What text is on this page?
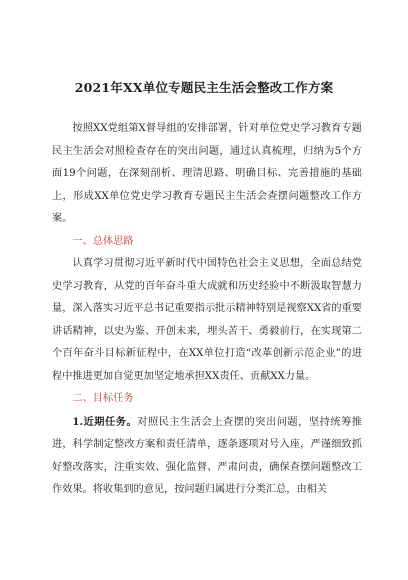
2021年XX单位专题民主生活会整改工作方案

按照XX党组第X督导组的安排部署，针对单位党史学习教育专题民主生活会对照检查存在的突出问题，通过认真梳理，归纳为5个方面19个问题，在深刻剖析、理清思路、明确目标、完善措施的基础上，形成XX单位党史学习教育专题民主生活会查摆问题整改工作方案。

一、总体思路

认真学习贯彻习近平新时代中国特色社会主义思想，全面总结党史学习教育，从党的百年奋斗重大成就和历史经验中不断汲取智慧力量，深入落实习近平总书记重要指示批示精神特别是视察XX省的重要讲话精神，以史为鉴、开创未来，埋头苦干、勇毅前行，在实现第二个百年奋斗目标新征程中，在XX单位打造“改革创新示范企业”的进程中推进更加自觉更加坚定地承担XX责任、贡献XX力量。

二、目标任务

1.近期任务。对照民主生活会上查摆的突出问题，坚持统筹推进，科学制定整改方案和责任清单，逐条逐项对号入座，严谨细致抓好整改落实，注重实效、强化监督、严肃问责，确保查摆问题整改工作效果。将收集到的意见，按问题归属进行分类汇总，由相关
